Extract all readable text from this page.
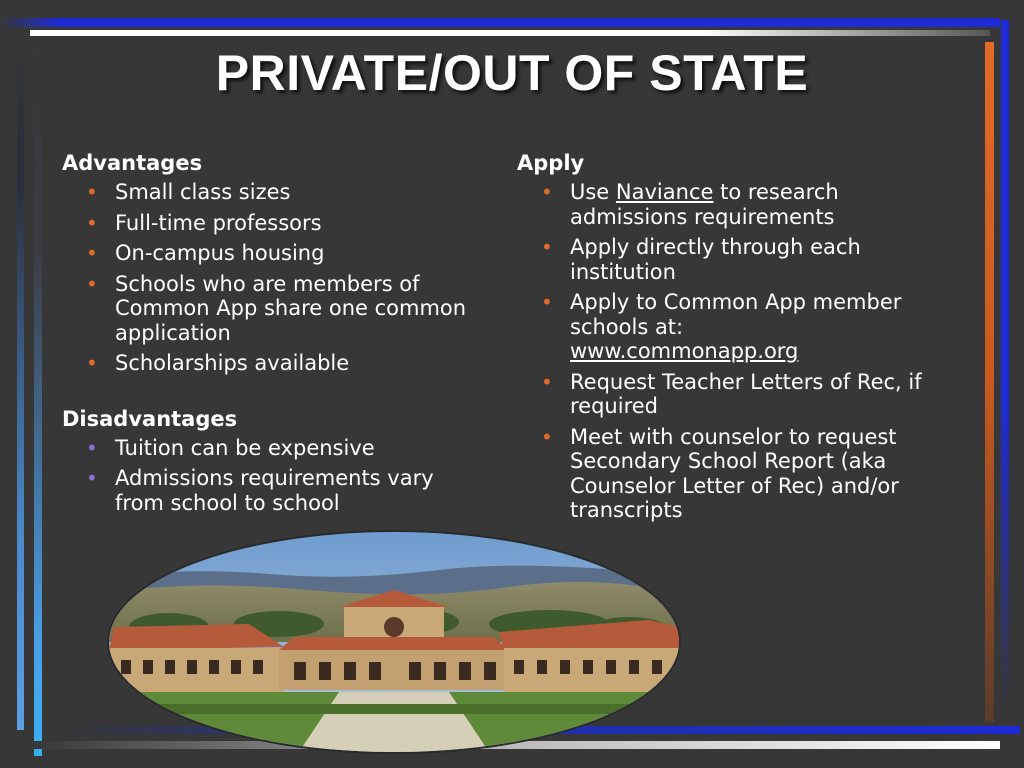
PRIVATE/OUT OF STATE

Advantages

• Small class sizes
• Full-time professors
• On-campus housing
• Schools who are members of Common App share one common application
• Scholarships available

Disadvantages

• Tuition can be expensive
• Admissions requirements vary from school to school

Apply

• Use Naviance to research admissions requirements
• Apply directly through each institution
• Apply to Common App member schools at:
www.commonapp.org
• Request Teacher Letters of Rec, if required
• Meet with counselor to request Secondary School Report (aka Counselor Letter of Rec) and/or transcripts
